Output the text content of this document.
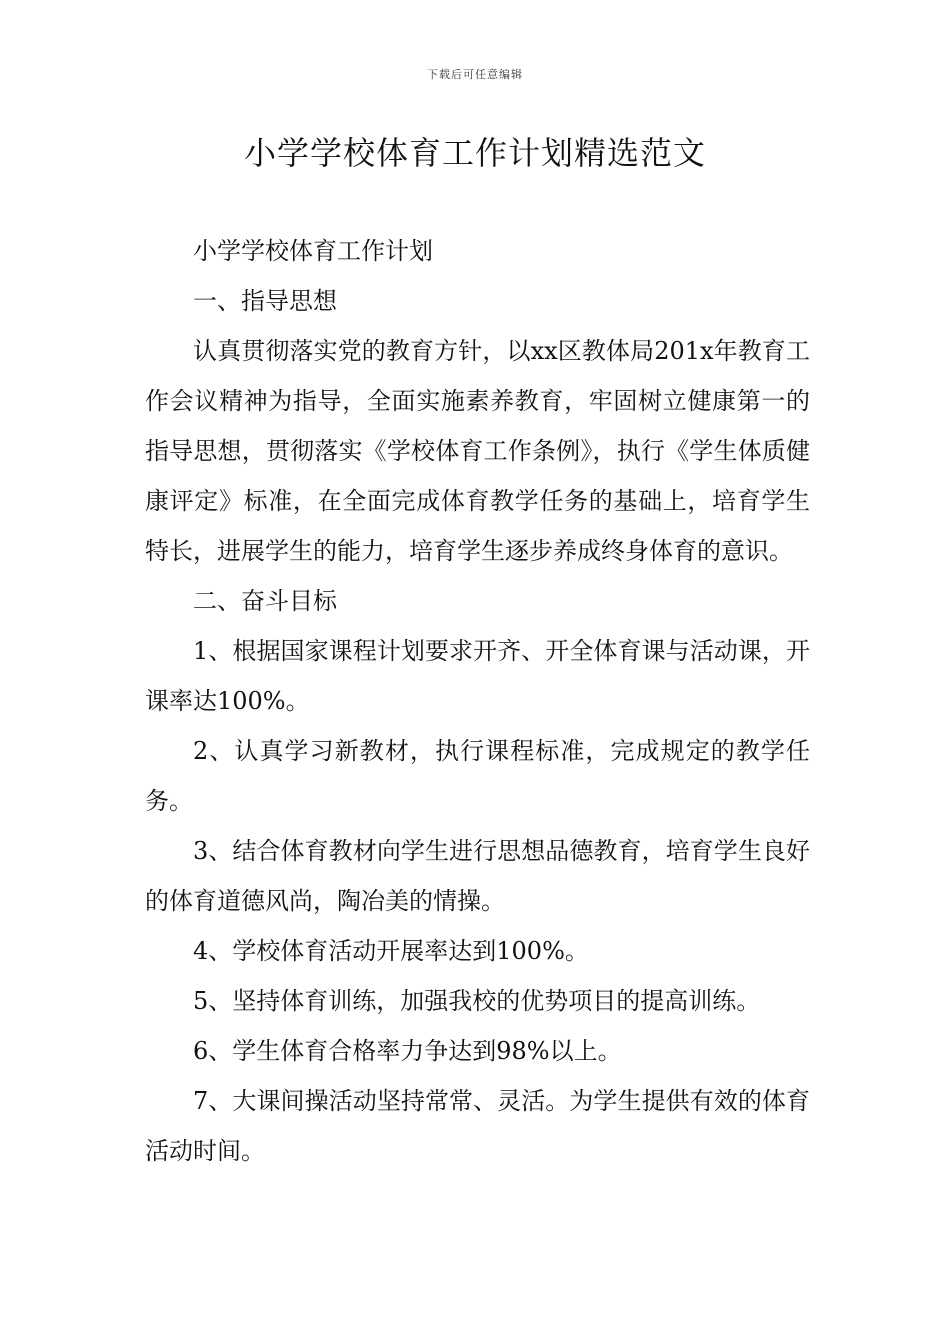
下载后可任意编辑
小学学校体育工作计划精选范文

小学学校体育工作计划

一、指导思想

认真贯彻落实党的教育方针，以xx区教体局201x年教育工作会议精神为指导，全面实施素养教育，牢固树立健康第一的指导思想，贯彻落实《学校体育工作条例》，执行《学生体质健康评定》标准，在全面完成体育教学任务的基础上，培育学生特长，进展学生的能力，培育学生逐步养成终身体育的意识。

二、奋斗目标

1、根据国家课程计划要求开齐、开全体育课与活动课，开课率达100%。

2、认真学习新教材，执行课程标准，完成规定的教学任务。

3、结合体育教材向学生进行思想品德教育，培育学生良好的体育道德风尚，陶冶美的情操。

4、学校体育活动开展率达到100%。

5、坚持体育训练，加强我校的优势项目的提高训练。

6、学生体育合格率力争达到98%以上。

7、大课间操活动坚持常常、灵活。为学生提供有效的体育活动时间。
